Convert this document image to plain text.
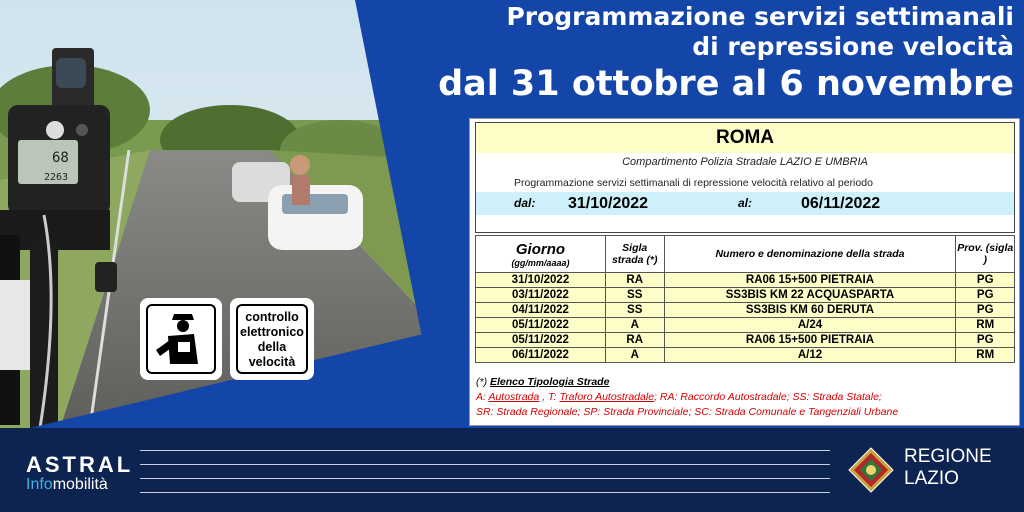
68
2263
controllo elettronico della velocità
Programmazione servizi settimanali
di repressione velocità
dal 31 ottobre al 6 novembre
ROMA
Compartimento Polizia Stradale LAZIO E UMBRIA
Programmazione servizi settimanali di repressione velocità relativo al periodo
dal: 31/10/2022	al:	06/11/2022
Giorno
(gg/mm/aaaa)	Sigla strada (*)	Numero e denominazione della strada	Prov. (sigla )
31/10/2022	RA	RA06 15+500 PIETRAIA	PG
03/11/2022	SS	SS3BIS KM 22 ACQUASPARTA	PG
04/11/2022	SS	SS3BIS KM 60 DERUTA	PG
05/11/2022	A	A/24	RM
05/11/2022	RA	RA06 15+500 PIETRAIA	PG
06/11/2022	A	A/12	RM
(*) Elenco Tipologia Strade
A: Autostrada , T: Traforo Autostradale; RA: Raccordo Autostradale; SS: Strada Statale;
SR: Strada Regionale; SP: Strada Provinciale; SC: Strada Comunale e Tangenziali Urbane
ASTRAL
Infomobilità
REGIONE
LAZIO
